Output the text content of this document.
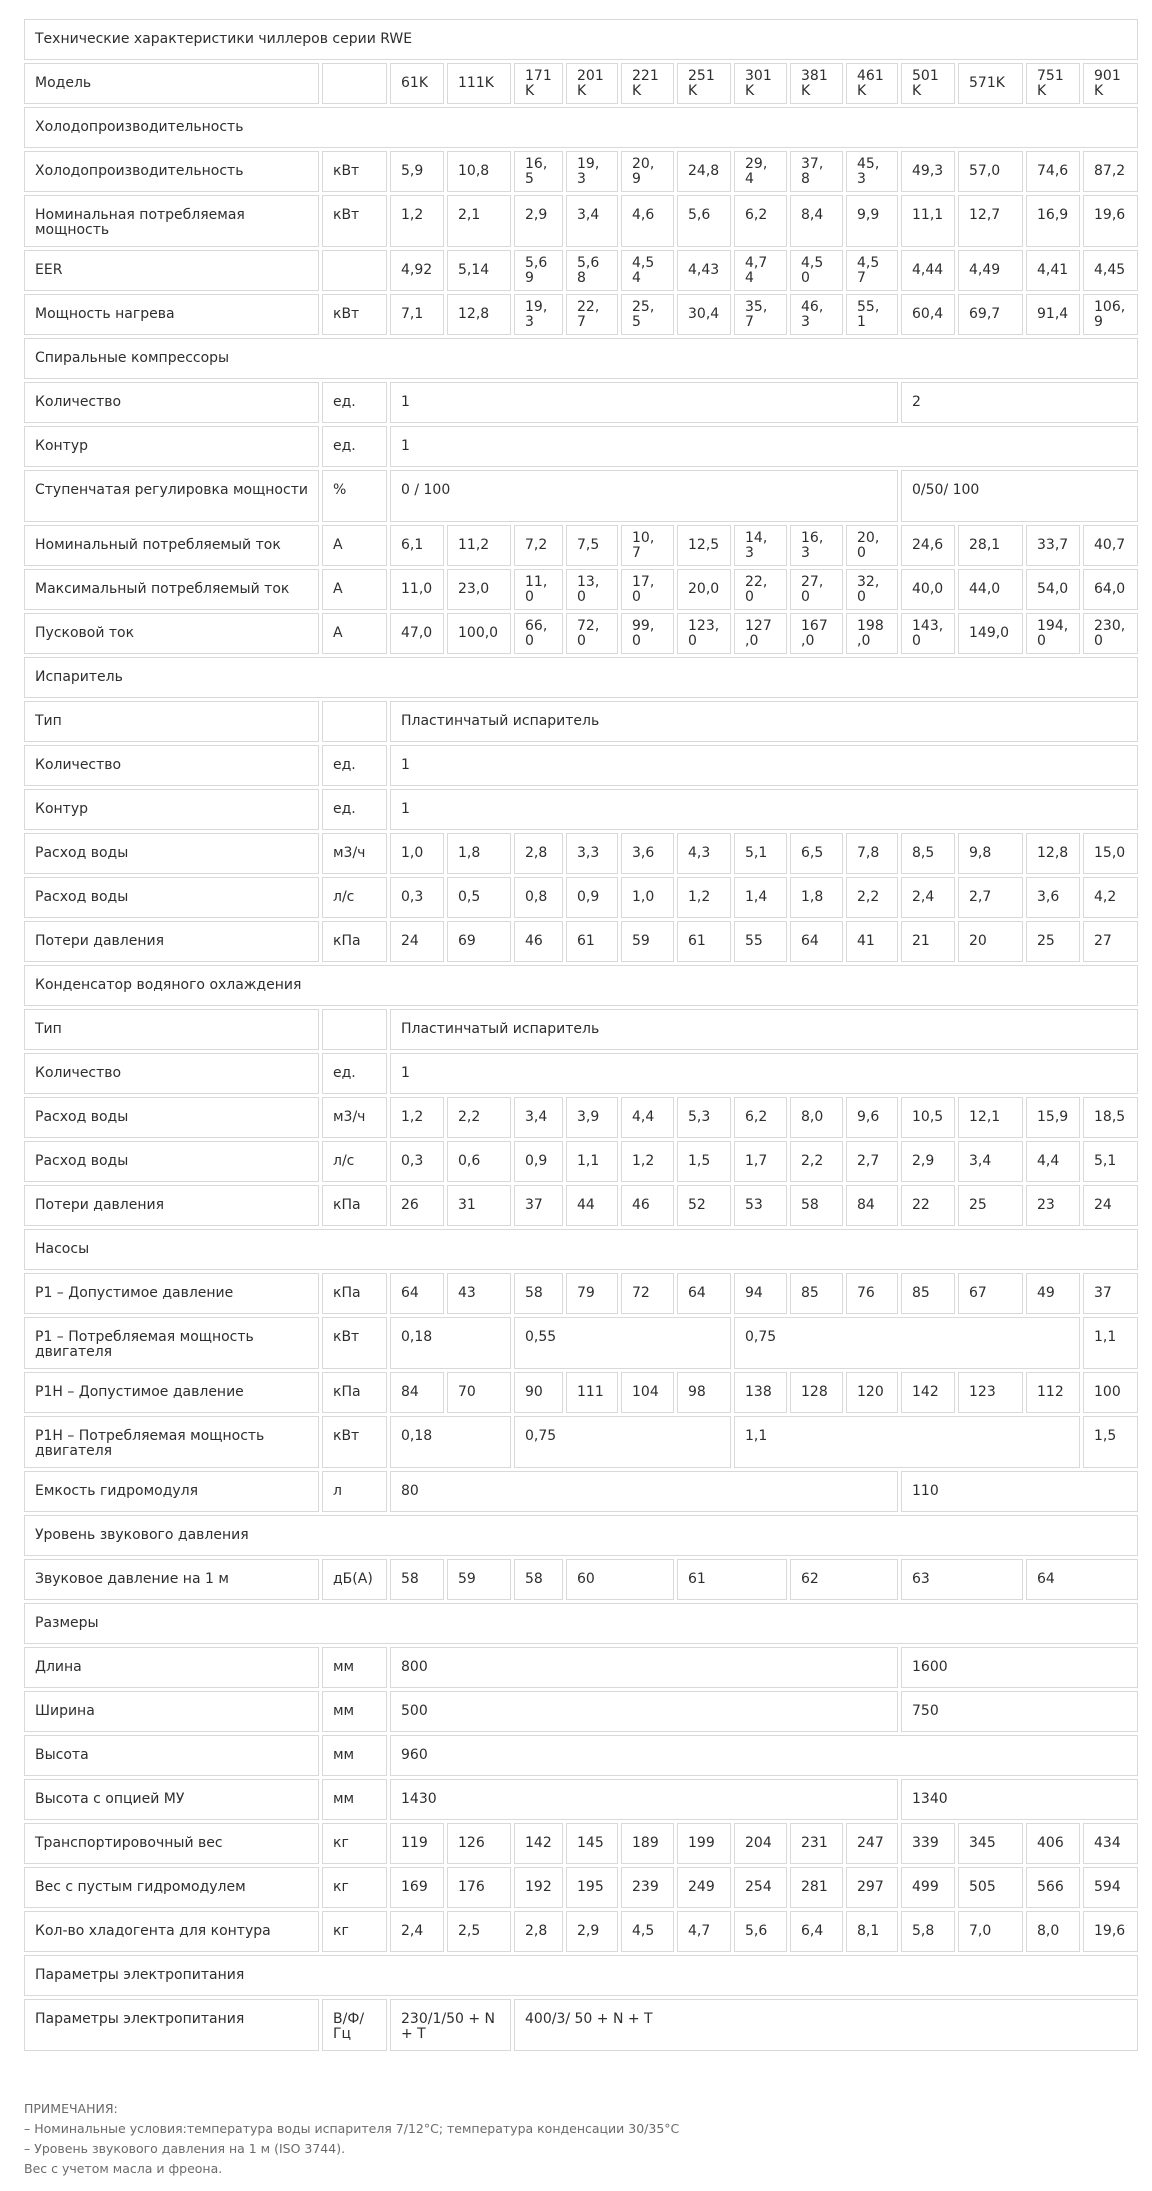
Технические характеристики чиллеров серии RWE														
Модель		61K	111K	171K	201K	221K	251K	301K	381K	461K	501K	571K	751K	901K
Холодопроизводительность														
Холодопроизводительность	кВт	5,9	10,8	16,5	19,3	20,9	24,8	29,4	37,8	45,3	49,3	57,0	74,6	87,2
Номинальная потребляемая мощность	кВт	1,2	2,1	2,9	3,4	4,6	5,6	6,2	8,4	9,9	11,1	12,7	16,9	19,6
EER		4,92	5,14	5,69	5,68	4,54	4,43	4,74	4,50	4,57	4,44	4,49	4,41	4,45
Мощность нагрева	кВт	7,1	12,8	19,3	22,7	25,5	30,4	35,7	46,3	55,1	60,4	69,7	91,4	106,9
Спиральные компрессоры														
Количество	ед.	1									2			
Контур	ед.	1												
Ступенчатая регулировка мощности	%	0 / 100									0/50/ 100			
Номинальный потребляемый ток	А	6,1	11,2	7,2	7,5	10,7	12,5	14,3	16,3	20,0	24,6	28,1	33,7	40,7
Максимальный потребляемый ток	А	11,0	23,0	11,0	13,0	17,0	20,0	22,0	27,0	32,0	40,0	44,0	54,0	64,0
Пусковой ток	А	47,0	100,0	66,0	72,0	99,0	123,0	127,0	167,0	198,0	143,0	149,0	194,0	230,0
Испаритель														
Тип		Пластинчатый испаритель												
Количество	ед.	1												
Контур	ед.	1												
Расход воды	м3/ч	1,0	1,8	2,8	3,3	3,6	4,3	5,1	6,5	7,8	8,5	9,8	12,8	15,0
Расход воды	л/с	0,3	0,5	0,8	0,9	1,0	1,2	1,4	1,8	2,2	2,4	2,7	3,6	4,2
Потери давления	кПа	24	69	46	61	59	61	55	64	41	21	20	25	27
Конденсатор водяного охлаждения														
Тип		Пластинчатый испаритель												
Количество	ед.	1												
Расход воды	м3/ч	1,2	2,2	3,4	3,9	4,4	5,3	6,2	8,0	9,6	10,5	12,1	15,9	18,5
Расход воды	л/с	0,3	0,6	0,9	1,1	1,2	1,5	1,7	2,2	2,7	2,9	3,4	4,4	5,1
Потери давления	кПа	26	31	37	44	46	52	53	58	84	22	25	23	24
Насосы														
P1 – Допустимое давление	кПа	64	43	58	79	72	64	94	85	76	85	67	49	37
P1 – Потребляемая мощность двигателя	кВт	0,18		0,55				0,75						1,1
P1H – Допустимое давление	кПа	84	70	90	111	104	98	138	128	120	142	123	112	100
P1H – Потребляемая мощность двигателя	кВт	0,18		0,75				1,1						1,5
Емкость гидромодуля	л	80									110			
Уровень звукового давления														
Звуковое давление на 1 м	дБ(А)	58	59	58	60		61		62		63		64	
Размеры														
Длина	мм	800									1600			
Ширина	мм	500									750			
Высота	мм	960												
Высота с опцией МУ	мм	1430									1340			
Транспортировочный вес	кг	119	126	142	145	189	199	204	231	247	339	345	406	434
Вес с пустым гидромодулем	кг	169	176	192	195	239	249	254	281	297	499	505	566	594
Кол-во хладогента для контура	кг	2,4	2,5	2,8	2,9	4,5	4,7	5,6	6,4	8,1	5,8	7,0	8,0	19,6
Параметры электропитания														
Параметры электропитания	В/Ф/Гц	230/1/50 + N + T		400/3/ 50 + N + T										
ПРИМЕЧАНИЯ:
– Номинальные условия:температура воды испарителя 7/12°С; температура конденсации 30/35°С
– Уровень звукового давления на 1 м (ISO 3744).
Вес с учетом масла и фреона.
